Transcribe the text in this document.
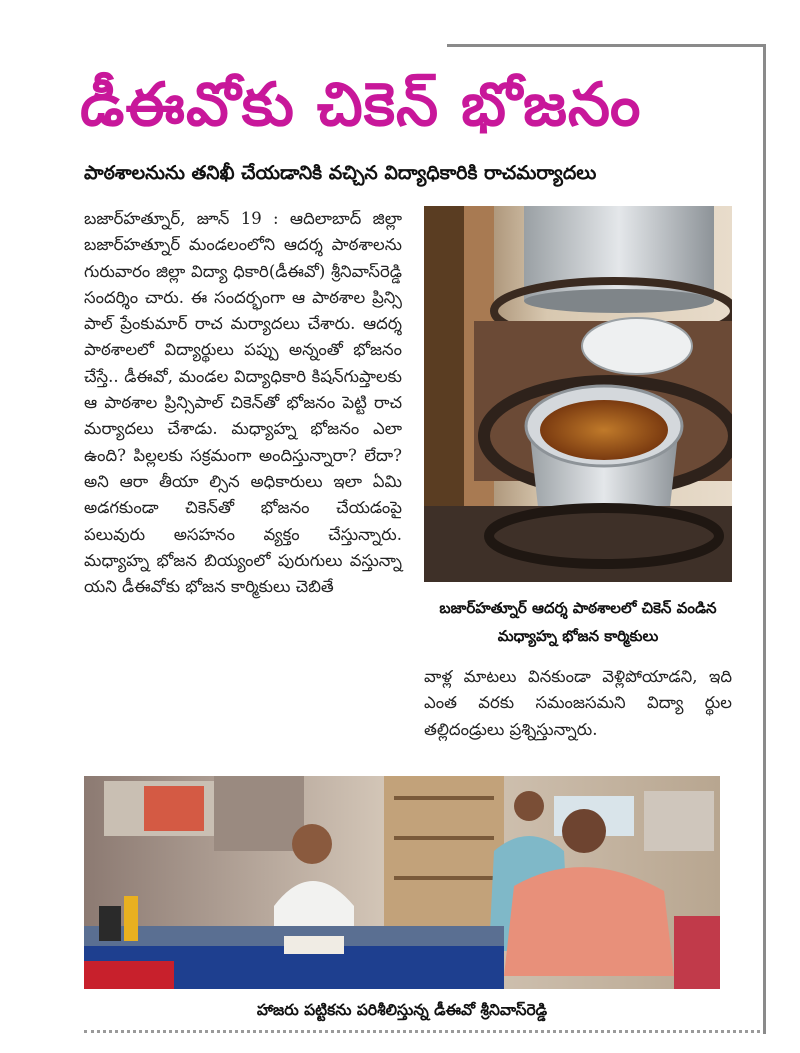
డీఈవోకు చికెన్ భోజనం
పాఠశాలనును తనిఖీ చేయడానికి వచ్చిన విద్యాధికారికి రాచమర్యాదలు
బజార్‌హత్నూర్, జూన్ 19 : ఆదిలాబాద్ జిల్లా బజార్‌హత్నూర్ మండలంలోని ఆదర్శ పాఠశాలను గురువారం జిల్లా విద్యా ధికారి(డీఈవో) శ్రీనివాస్‌రెడ్డి సందర్శిం చారు. ఈ సందర్భంగా ఆ పాఠశాల ప్రిన్సి పాల్ ప్రేంకుమార్ రాచ మర్యాదలు చేశారు. ఆదర్శ పాఠశాలలో విద్యార్థులు పప్పు అన్నంతో భోజనం చేస్తే.. డీఈవో, మండల విద్యాధికారి కిషన్‌గుప్తాలకు ఆ పాఠశాల ప్రిన్సిపాల్ చికెన్‌తో భోజనం పెట్టి రాచ మర్యాదలు చేశాడు. మధ్యాహ్న భోజనం ఎలా ఉంది? పిల్లలకు సక్రమంగా అందిస్తున్నారా? లేదా? అని ఆరా తీయా ల్సిన అధికారులు ఇలా ఏమి అడగకుండా చికెన్‌తో భోజనం చేయడంపై పలువురు అసహనం వ్యక్తం చేస్తున్నారు. మధ్యాహ్న భోజన బియ్యంలో పురుగులు వస్తున్నా యని డీఈవోకు భోజన కార్మికులు చెబితే
బజార్‌హత్నూర్ ఆదర్శ పాఠశాలలో చికెన్ వండిన మధ్యాహ్న భోజన కార్మికులు
వాళ్ల మాటలు వినకుండా వెళ్లిపోయాడని, ఇది ఎంత వరకు సమంజసమని విద్యా ర్థుల తల్లిదండ్రులు ప్రశ్నిస్తున్నారు.
హాజరు పట్టికను పరిశీలిస్తున్న డీఈవో శ్రీనివాస్‌రెడ్డి
